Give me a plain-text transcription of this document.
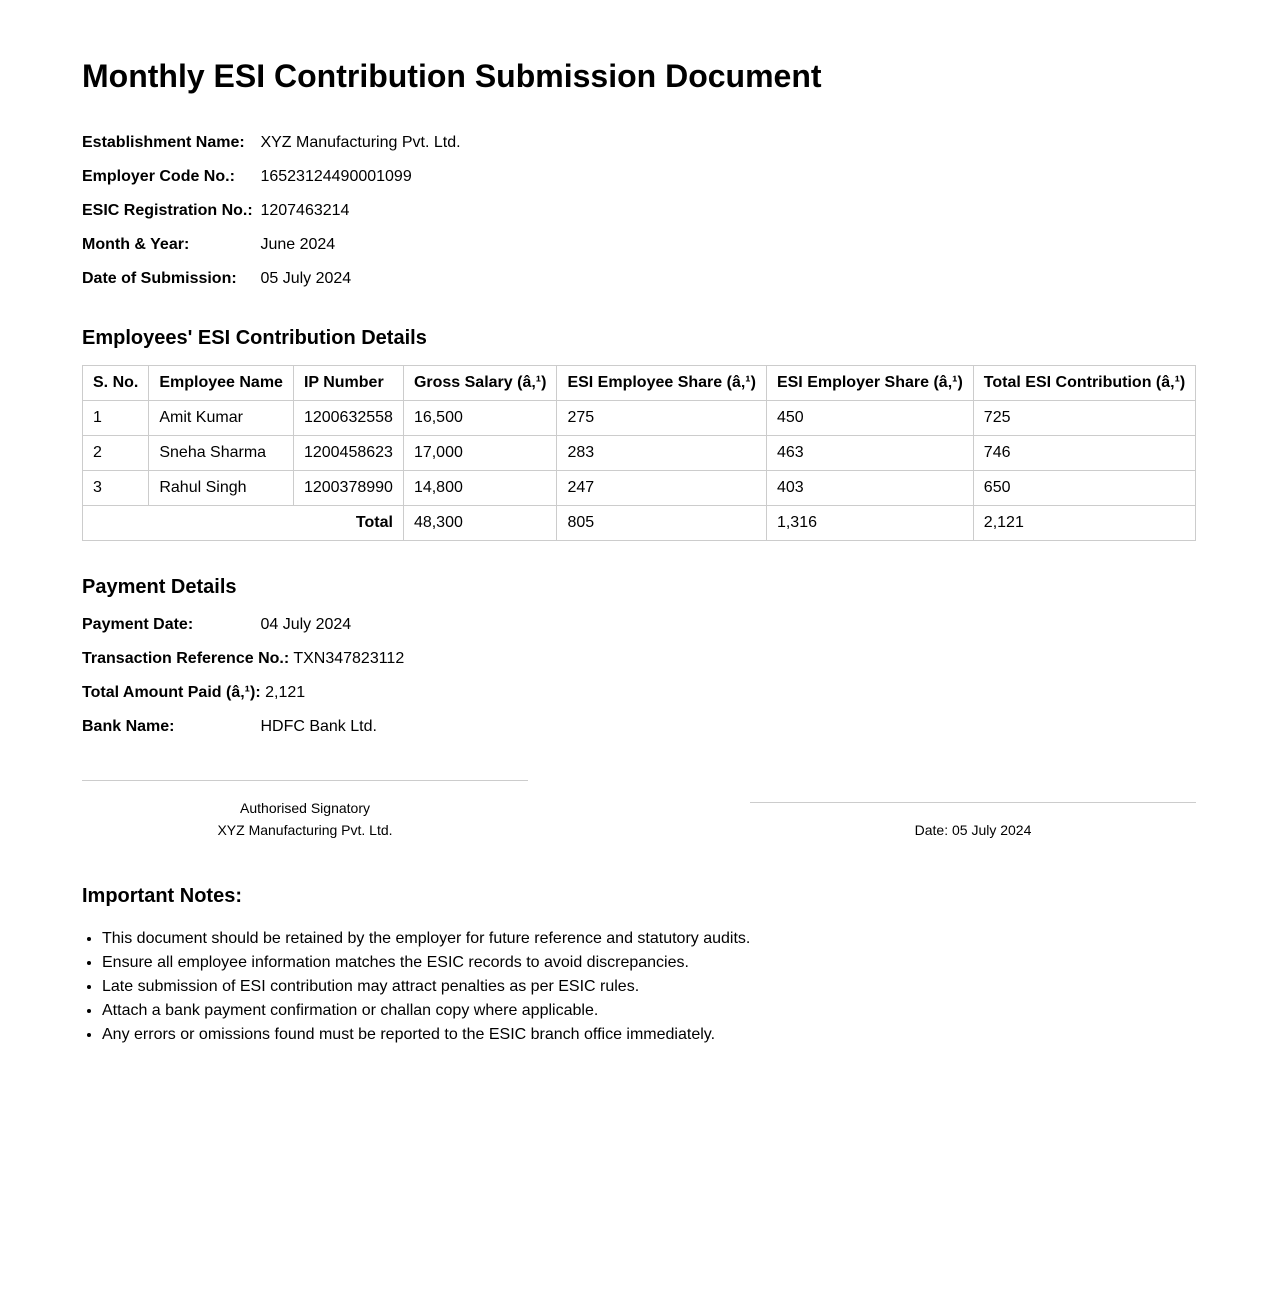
Monthly ESI Contribution Submission Document
Establishment Name: XYZ Manufacturing Pvt. Ltd.
Employer Code No.: 16523124490001099
ESIC Registration No.: 1207463214
Month & Year:	June 2024
Date of Submission: 05 July 2024
Employees' ESI Contribution Details
S. No.	Employee Name	IP Number	Gross Salary (â‚¹)	ESI Employee Share (â‚¹)	ESI Employer Share (â‚¹)	Total ESI Contribution (â‚¹)
1	Amit Kumar	1200632558	16,500	275	450	725
2	Sneha Sharma	1200458623	17,000	283	463	746
3	Rahul Singh	1200378990	14,800	247	403	650
Total			48,300	805	1,316	2,121
Payment Details
Payment Date:	04 July 2024
Transaction Reference No.: TXN347823112
Total Amount Paid (â‚¹): 2,121
Bank Name:	HDFC Bank Ltd.
Authorised Signatory
XYZ Manufacturing Pvt. Ltd.	Date: 05 July 2024
Important Notes:
• This document should be retained by the employer for future reference and statutory audits.
• Ensure all employee information matches the ESIC records to avoid discrepancies.
• Late submission of ESI contribution may attract penalties as per ESIC rules.
• Attach a bank payment confirmation or challan copy where applicable.
• Any errors or omissions found must be reported to the ESIC branch office immediately.
